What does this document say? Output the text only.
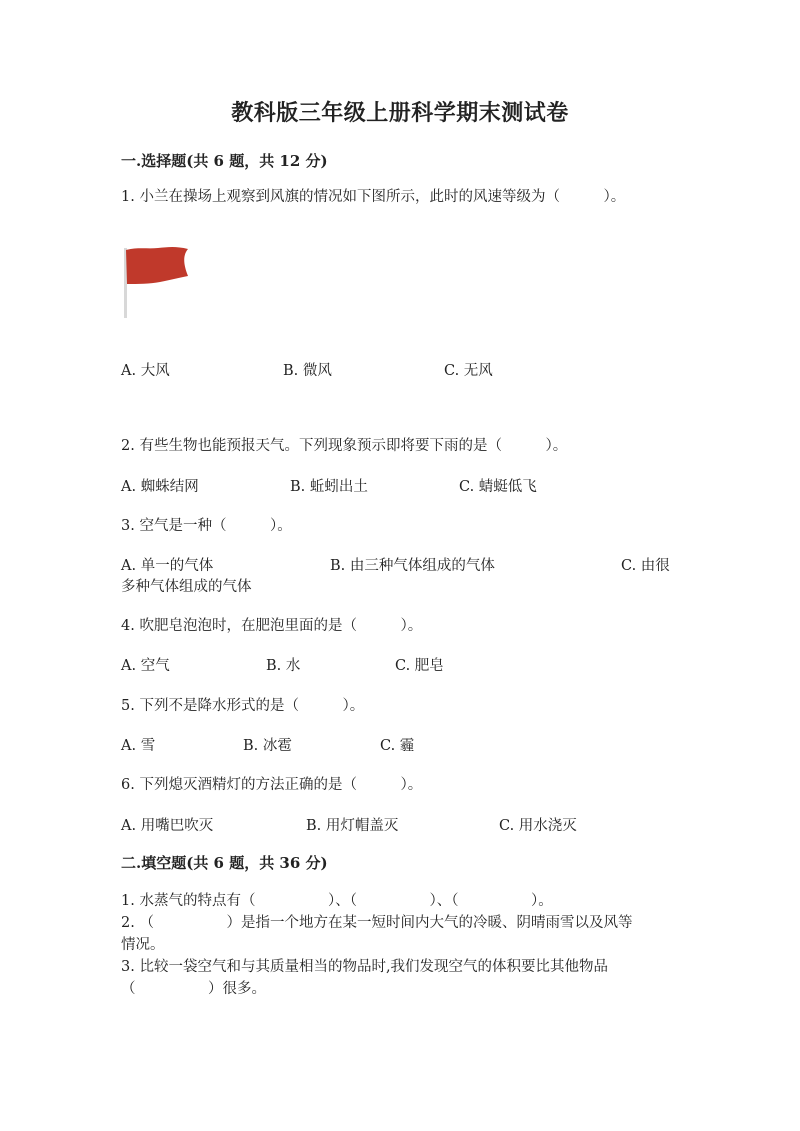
教科版三年级上册科学期末测试卷
一.选择题(共 6 题，共 12 分)
1. 小兰在操场上观察到风旗的情况如下图所示，此时的风速等级为（　　　）。
A. 大风	B. 微风	C. 无风
2. 有些生物也能预报天气。下列现象预示即将要下雨的是（　　　）。
A. 蜘蛛结网	B. 蚯蚓出土	C. 蜻蜓低飞
3. 空气是一种（　　　）。
A. 单一的气体	B. 由三种气体组成的气体	C. 由很
多种气体组成的气体
4. 吹肥皂泡泡时，在肥泡里面的是（　　　）。
A. 空气	B. 水	C. 肥皂
5. 下列不是降水形式的是（　　　）。
A. 雪	B. 冰雹	C. 霾
6. 下列熄灭酒精灯的方法正确的是（　　　）。
A. 用嘴巴吹灭	B. 用灯帽盖灭	C. 用水浇灭
二.填空题(共 6 题，共 36 分)
1. 水蒸气的特点有（　　　　　）、（　　　　　）、（　　　　　）。
2. （　　　　　）是指一个地方在某一短时间内大气的冷暖、阴晴雨雪以及风等
情况。
3. 比较一袋空气和与其质量相当的物品时,我们发现空气的体积要比其他物品
（　　　　　）很多。
